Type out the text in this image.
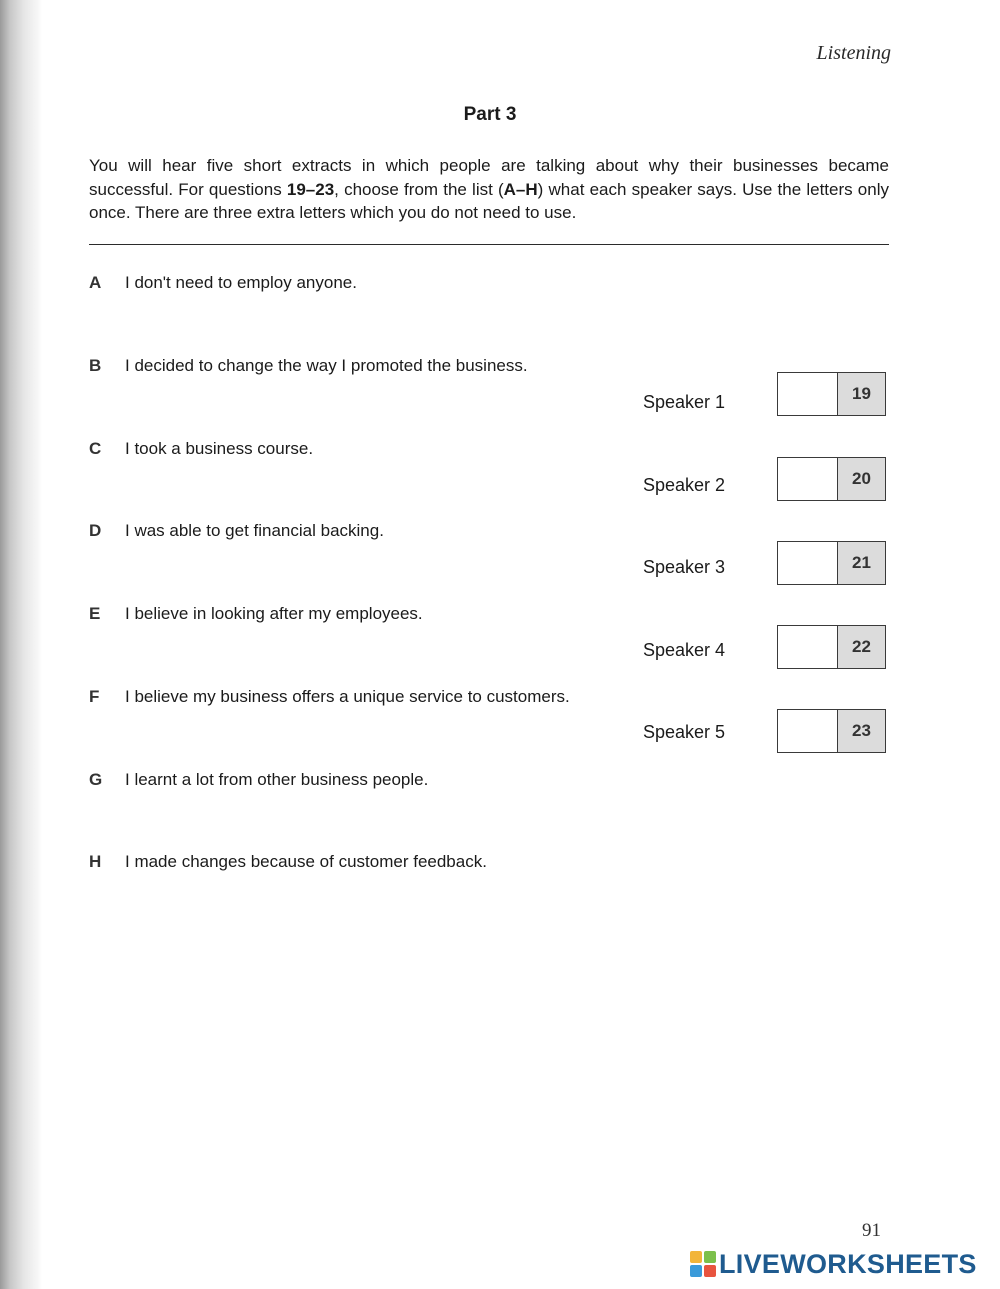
Listening
Part 3
You will hear five short extracts in which people are talking about why their businesses became successful. For questions 19–23, choose from the list (A–H) what each speaker says. Use the letters only once. There are three extra letters which you do not need to use.
A I don't need to employ anyone.
B I decided to change the way I promoted the business.
C I took a business course.
D I was able to get financial backing.
E I believe in looking after my employees.
F I believe my business offers a unique service to customers.
G I learnt a lot from other business people.
H I made changes because of customer feedback.
Speaker 1	19
Speaker 2	20
Speaker 3	21
Speaker 4	22
Speaker 5	23
91
LIVEWORKSHEETS
